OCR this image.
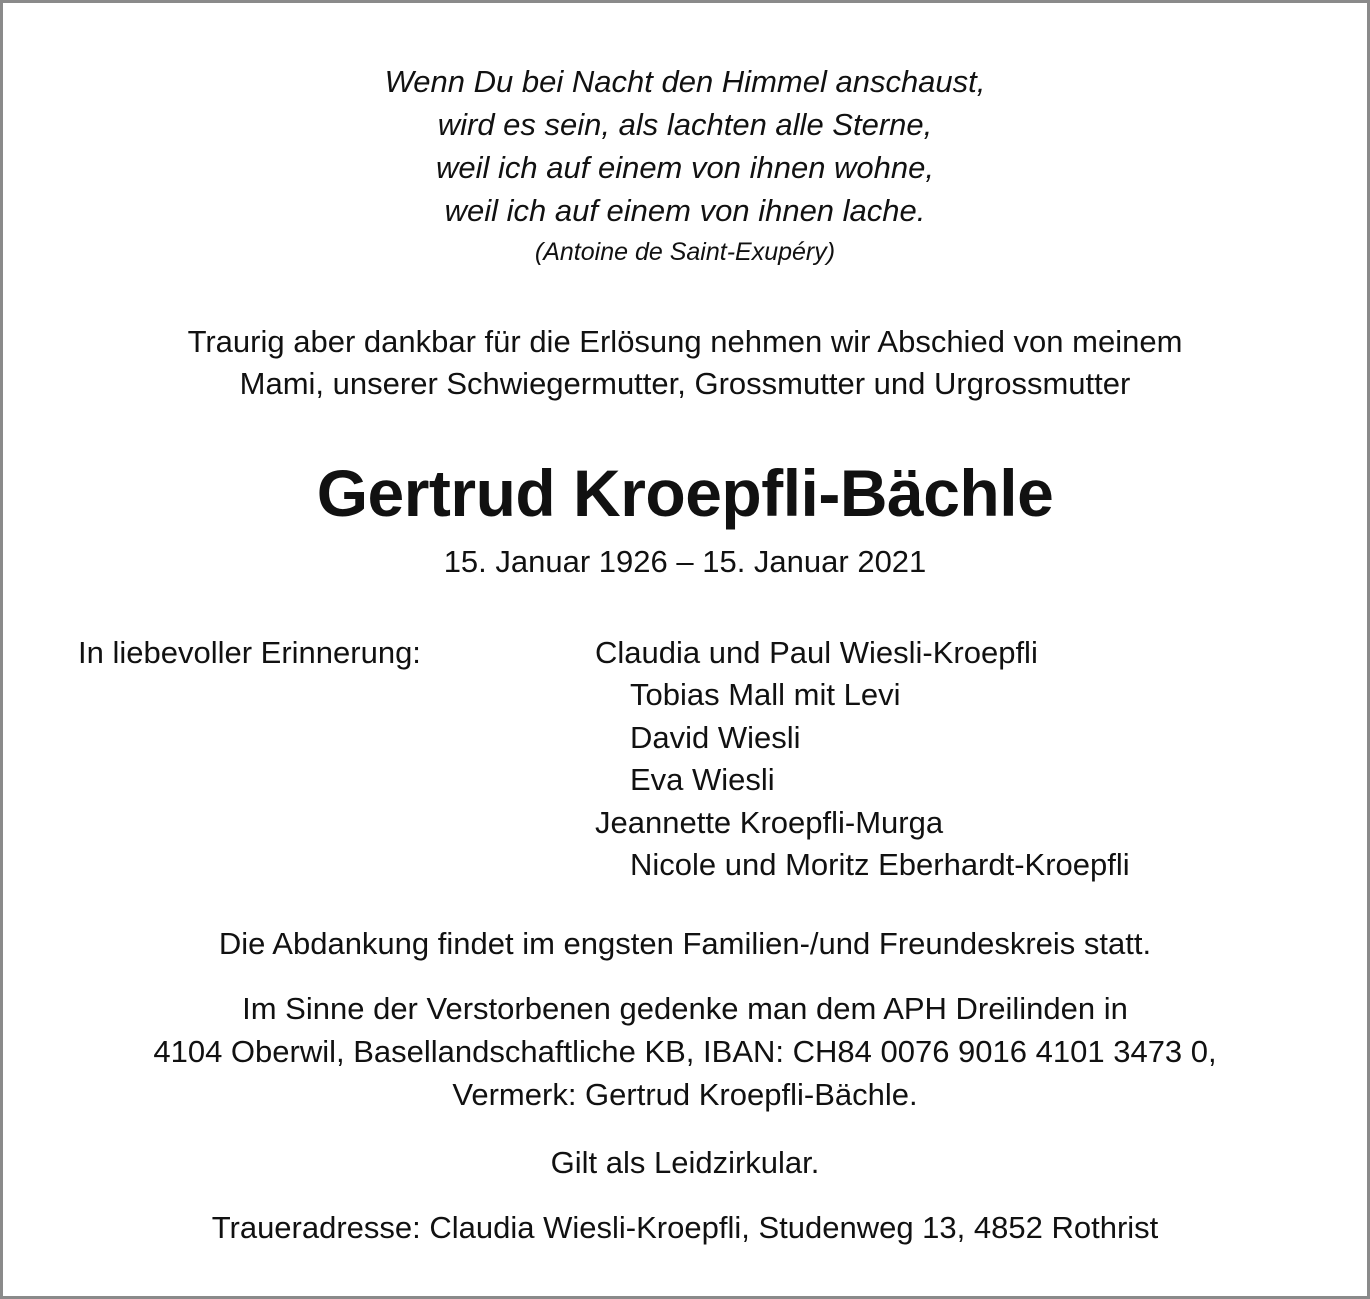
Wenn Du bei Nacht den Himmel anschaust,
wird es sein, als lachten alle Sterne,
weil ich auf einem von ihnen wohne,
weil ich auf einem von ihnen lache.
(Antoine de Saint-Exupéry)
Traurig aber dankbar für die Erlösung nehmen wir Abschied von meinem
Mami, unserer Schwiegermutter, Grossmutter und Urgrossmutter
Gertrud Kroepfli-Bächle
15. Januar 1926 – 15. Januar 2021
In liebevoller Erinnerung:	Claudia und Paul Wiesli-Kroepfli
Tobias Mall mit Levi
David Wiesli
Eva Wiesli
Jeannette Kroepfli-Murga
Nicole und Moritz Eberhardt-Kroepfli
Die Abdankung findet im engsten Familien-/und Freundeskreis statt.
Im Sinne der Verstorbenen gedenke man dem APH Dreilinden in
4104 Oberwil, Basellandschaftliche KB, IBAN: CH84 0076 9016 4101 3473 0,
Vermerk: Gertrud Kroepfli-Bächle.
Gilt als Leidzirkular.
Traueradresse: Claudia Wiesli-Kroepfli, Studenweg 13, 4852 Rothrist
